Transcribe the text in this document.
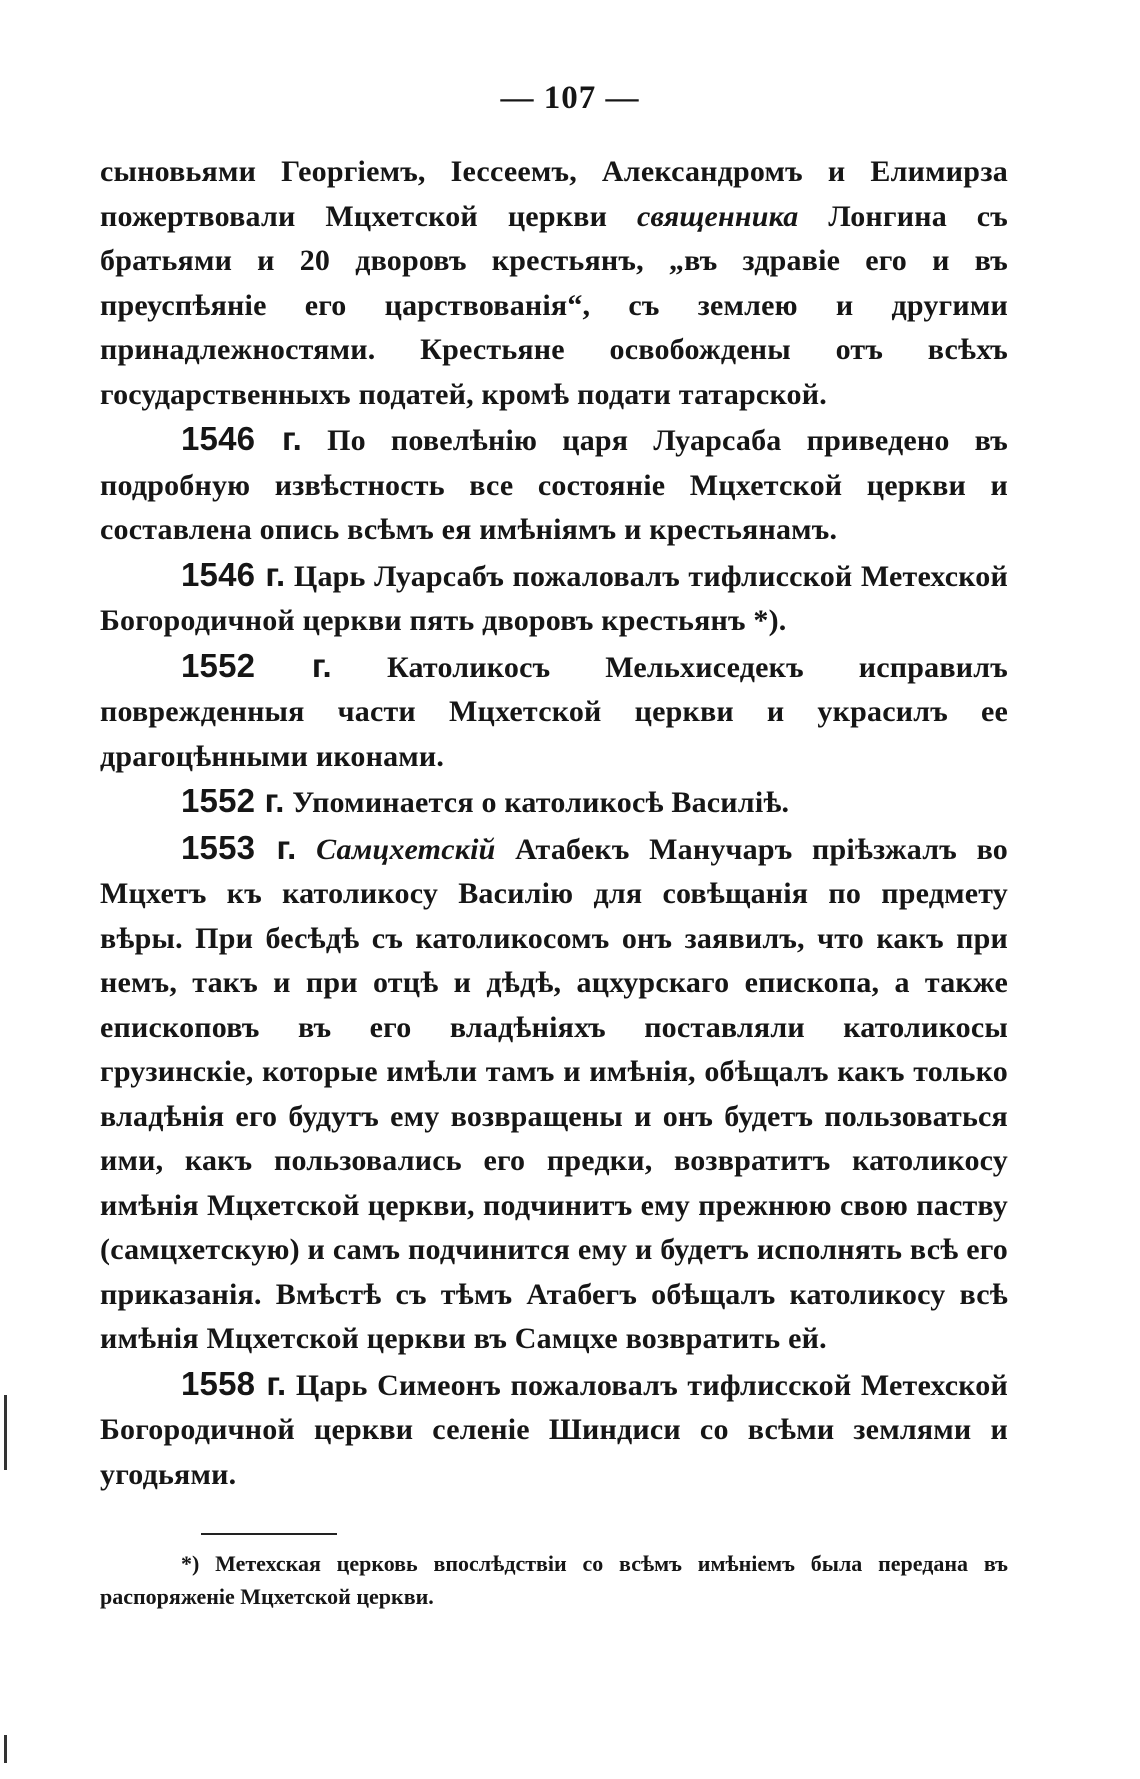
— 107 —

сыновьями Георгіемъ, Іессеемъ, Александромъ и Елимирза пожертвовали Мцхетской церкви священника Лонгина съ братьями и 20 дворовъ крестьянъ, „въ здравіе его и въ преуспѣяніе его царствованія“, съ землею и другими принадлежностями. Крестьяне освобождены отъ всѣхъ государственныхъ податей, кромѣ подати татарской.

1546 г. По повелѣнію царя Луарсаба приведено въ подробную извѣстность все состояніе Мцхетской церкви и составлена опись всѣмъ ея имѣніямъ и крестьянамъ.

1546 г. Царь Луарсабъ пожаловалъ тифлисской Метехской Богородичной церкви пять дворовъ крестьянъ *).

1552 г. Католикосъ Мельхиседекъ исправилъ поврежденныя части Мцхетской церкви и украсилъ ее драгоцѣнными иконами.

1552 г. Упоминается о католикосѣ Василіѣ.

1553 г. Самцхетскій Атабекъ Манучаръ пріѣзжалъ во Мцхетъ къ католикосу Василію для совѣщанія по предмету вѣры. При бесѣдѣ съ католикосомъ онъ заявилъ, что какъ при немъ, такъ и при отцѣ и дѣдѣ, ацхурскаго епископа, а также епископовъ въ его владѣніяхъ поставляли католикосы грузинскіе, которые имѣли тамъ и имѣнія, обѣщалъ какъ только владѣнія его будутъ ему возвращены и онъ будетъ пользоваться ими, какъ пользовались его предки, возвратитъ католикосу имѣнія Мцхетской церкви, подчинитъ ему прежнюю свою паству (самцхетскую) и самъ подчинится ему и будетъ исполнять всѣ его приказанія. Вмѣстѣ съ тѣмъ Атабегъ обѣщалъ католикосу всѣ имѣнія Мцхетской церкви въ Самцхе возвратить ей.

1558 г. Царь Симеонъ пожаловалъ тифлисской Метехской Богородичной церкви селеніе Шиндиси со всѣми землями и угодьями.

*) Метехская церковь впослѣдствіи со всѣмъ имѣніемъ была передана въ распоряженіе Мцхетской церкви.
